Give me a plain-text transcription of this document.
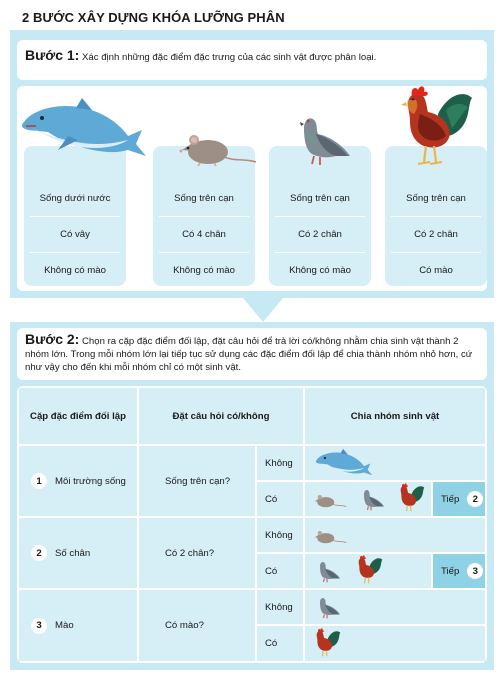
2 BƯỚC XÂY DỰNG KHÓA LƯỠNG PHÂN
Bước 1: Xác định những đặc điểm đặc trưng của các sinh vật được phân loại.
Sống dưới nước
Có vây
Không có mào
Sống trên cạn
Có 4 chân
Không có mào
Sống trên cạn
Có 2 chân
Không có mào
Sống trên cạn
Có 2 chân
Có mào
Bước 2: Chọn ra cặp đặc điểm đối lập, đặt câu hỏi để trả lời có/không nhằm chia sinh vật thành 2 nhóm lớn. Trong mỗi nhóm lớn lại tiếp tục sử dụng các đặc điểm đối lập để chia thành nhóm nhỏ hơn, cứ như vậy cho đến khi mỗi nhóm chỉ có một sinh vật.
Cặp đặc điểm đối lập	Đặt câu hỏi có/không	Chia nhóm sinh vật
1	Môi trường sống	Sống trên cạn?
Không
Có	Tiếp	2
2	Số chân	Có 2 chân?
Không
Có	Tiếp	3
3	Mào	Có mào?
Không
Có
